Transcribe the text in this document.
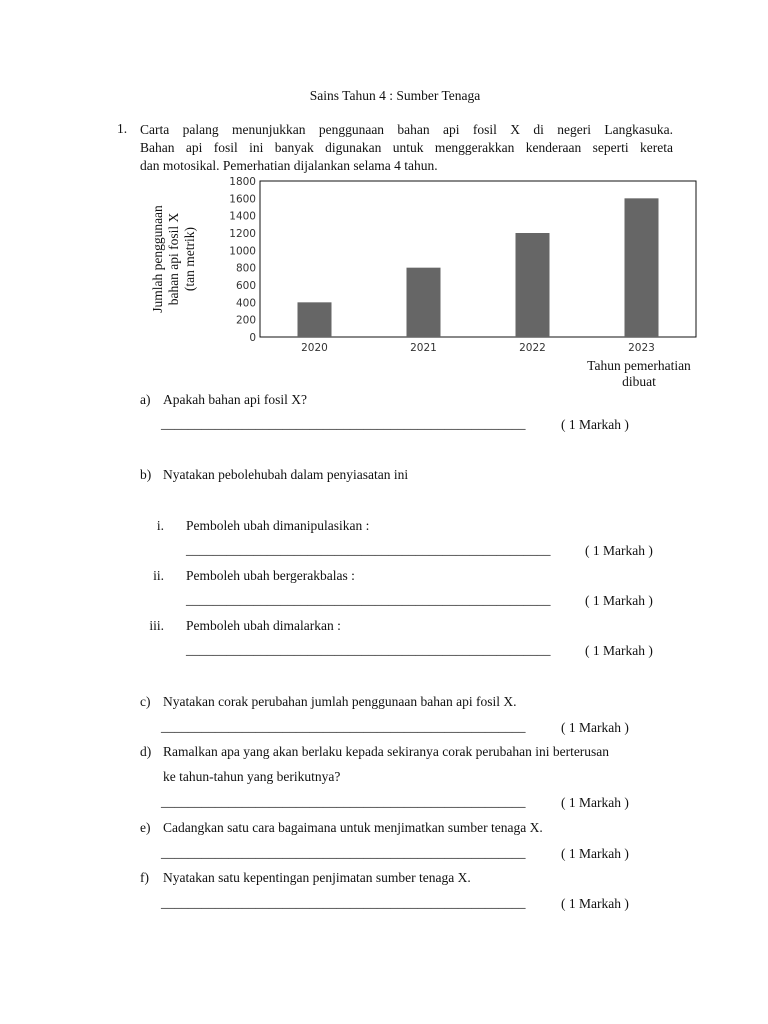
Sains Tahun 4 : Sumber Tenaga
1. Carta palang menunjukkan penggunaan bahan api fosil X di negeri Langkasuka.
Bahan api fosil ini banyak digunakan untuk menggerakkan kenderaan seperti kereta
dan motosikal. Pemerhatian dijalankan selama 4 tahun.
0
200
400
600
800
1000
1200
1400
1600
1800
2020	2021	2022	2023
Jumlah penggunaan bahan api fosil X (tan metrik)
Tahun pemerhatian
dibuat
a) Apakah bahan api fosil X?
______________________________________________________	( 1 Markah )
b) Nyatakan pebolehubah dalam penyiasatan ini
i. Pemboleh ubah dimanipulasikan :
______________________________________________________	( 1 Markah )
ii. Pemboleh ubah bergerakbalas :
______________________________________________________	( 1 Markah )
iii. Pemboleh ubah dimalarkan :
______________________________________________________	( 1 Markah )
c) Nyatakan corak perubahan jumlah penggunaan bahan api fosil X.
______________________________________________________	( 1 Markah )
d) Ramalkan apa yang akan berlaku kepada sekiranya corak perubahan ini berterusan
ke tahun-tahun yang berikutnya?
______________________________________________________	( 1 Markah )
e) Cadangkan satu cara bagaimana untuk menjimatkan sumber tenaga X.
______________________________________________________	( 1 Markah )
f) Nyatakan satu kepentingan penjimatan sumber tenaga X.
______________________________________________________	( 1 Markah )
